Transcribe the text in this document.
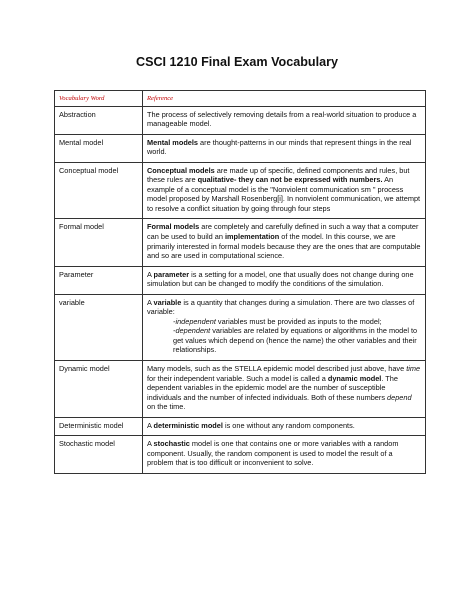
CSCI 1210 Final Exam Vocabulary
Vocabulary Word	Reference
Abstraction	The process of selectively removing details from a real-world situation to produce a manageable model.
Mental model	Mental models are thought-patterns in our minds that represent things in the real world.
Conceptual model	Conceptual models are made up of specific, defined components and rules, but these rules are qualitative- they can not be expressed with numbers. An example of a conceptual model is the "Nonviolent communication sm " process model proposed by Marshall Rosenberg[i]. In nonviolent communication, we attempt to resolve a conflict situation by going through four steps
Formal model	Formal models are completely and carefully defined in such a way that a computer can be used to build an implementation of the model. In this course, we are primarily interested in formal models because they are the ones that are computable and so are used in computational science.
Parameter	A parameter is a setting for a model, one that usually does not change during one simulation but can be changed to modify the conditions of the simulation.
variable	A variable is a quantity that changes during a simulation. There are two classes of variable:
-independent variables must be provided as inputs to the model;
-dependent variables are related by equations or algorithms in the model to get values which depend on (hence the name) the other variables and their relationships.

Dynamic model	Many models, such as the STELLA epidemic model described just above, have time for their independent variable. Such a model is called a dynamic model. The dependent variables in the epidemic model are the number of susceptible individuals and the number of infected individuals. Both of these numbers depend on the time.
Deterministic model	A deterministic model is one without any random components.
Stochastic model	A stochastic model is one that contains one or more variables with a random component. Usually, the random component is used to model the result of a problem that is too difficult or inconvenient to solve.
